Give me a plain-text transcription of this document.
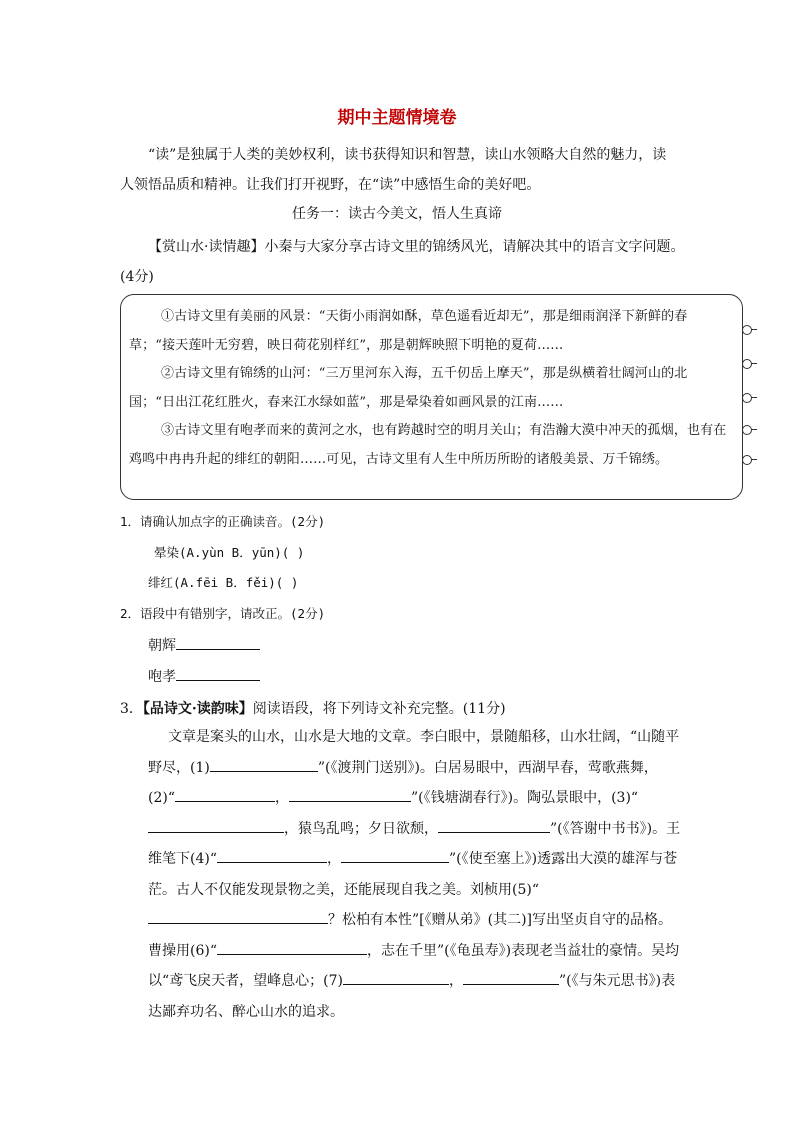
期中主题情境卷
“读”是独属于人类的美妙权利，读书获得知识和智慧，读山水领略大自然的魅力，读人领悟品质和精神。让我们打开视野，在“读”中感悟生命的美好吧。
任务一：读古今美文，悟人生真谛
【赏山水·读情趣】小秦与大家分享古诗文里的锦绣风光，请解决其中的语言文字问题。
(4分)

①古诗文里有美丽的风景：“天街小雨润如酥，草色遥看近却无”，那是细雨润泽下新鲜的春草；“接天莲叶无穷碧，映日荷花别样红”，那是朝辉映照下明艳的夏荷……

②古诗文里有锦绣的山河：“三万里河东入海，五千仞岳上摩天”，那是纵横着壮阔河山的北国；“日出江花红胜火，春来江水绿如蓝”，那是晕染着如画风景的江南……

③古诗文里有咆孝而来的黄河之水，也有跨越时空的明月关山；有浩瀚大漠中冲天的孤烟，也有在鸡鸣中冉冉升起的绯红的朝阳……可见，古诗文里有人生中所历所盼的诸般美景、万千锦绣。

1．请确认加点字的正确读音。(2分)
晕染(A.yùn B．yūn)( )
绯红(A.fēi B．fěi)( )
2．语段中有错别字，请改正。(2分)
朝辉
咆孝
3．【品诗文·读韵味】阅读语段，将下列诗文补充完整。(11分)
文章是案头的山水，山水是大地的文章。李白眼中，景随船移，山水壮阔，“山随平野尽，(1)	”(《渡荆门送别》)。白居易眼中，西湖早春，莺歌燕舞，(2)“	，	”(《钱塘湖春行》)。陶弘景眼中，(3)“，猿鸟乱鸣；夕日欲颓，	”(《答谢中书书》)。王维笔下(4)“	，	”(《使至塞上》)透露出大漠的雄浑与苍茫。古人不仅能发现景物之美，还能展现自我之美。刘桢用(5)“？松柏有本性”[《赠从弟》(其二)]写出坚贞自守的品格。曹操用(6)“	，志在千里”(《龟虽寿》)表现老当益壮的豪情。吴均以“鸢飞戾天者，望峰息心；(7)	，	”(《与朱元思书》)表达鄙弃功名、醉心山水的追求。
